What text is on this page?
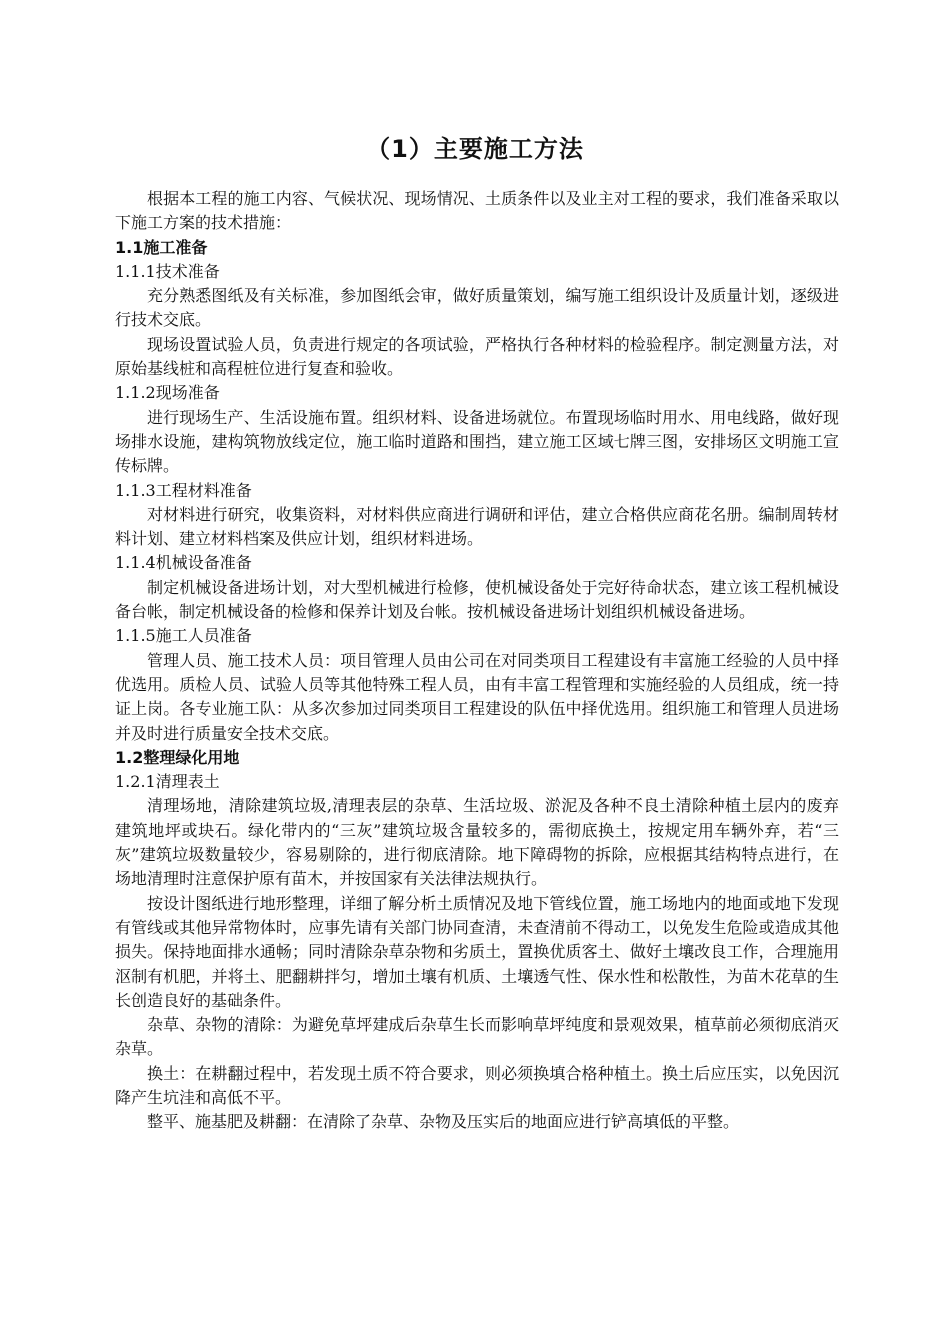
（1）主要施工方法

根据本工程的施工内容、气候状况、现场情况、土质条件以及业主对工程的要求，我们准备采取以下施工方案的技术措施：

1.1施工准备
1.1.1技术准备

充分熟悉图纸及有关标准，参加图纸会审，做好质量策划，编写施工组织设计及质量计划，逐级进行技术交底。

现场设置试验人员，负责进行规定的各项试验，严格执行各种材料的检验程序。制定测量方法，对原始基线桩和高程桩位进行复查和验收。

1.1.2现场准备

进行现场生产、生活设施布置。组织材料、设备进场就位。布置现场临时用水、用电线路，做好现场排水设施，建构筑物放线定位，施工临时道路和围挡，建立施工区域七牌三图，安排场区文明施工宣传标牌。

1.1.3工程材料准备

对材料进行研究，收集资料，对材料供应商进行调研和评估，建立合格供应商花名册。编制周转材料计划、建立材料档案及供应计划，组织材料进场。

1.1.4机械设备准备

制定机械设备进场计划，对大型机械进行检修，使机械设备处于完好待命状态，建立该工程机械设备台帐，制定机械设备的检修和保养计划及台帐。按机械设备进场计划组织机械设备进场。

1.1.5施工人员准备

管理人员、施工技术人员：项目管理人员由公司在对同类项目工程建设有丰富施工经验的人员中择优选用。质检人员、试验人员等其他特殊工程人员，由有丰富工程管理和实施经验的人员组成，统一持证上岗。各专业施工队：从多次参加过同类项目工程建设的队伍中择优选用。组织施工和管理人员进场并及时进行质量安全技术交底。

1.2整理绿化用地
1.2.1清理表土

清理场地，清除建筑垃圾,清理表层的杂草、生活垃圾、淤泥及各种不良土清除种植土层内的废弃建筑地坪或块石。绿化带内的“三灰”建筑垃圾含量较多的，需彻底换土，按规定用车辆外弃，若“三灰”建筑垃圾数量较少，容易剔除的，进行彻底清除。地下障碍物的拆除，应根据其结构特点进行，在场地清理时注意保护原有苗木，并按国家有关法律法规执行。

按设计图纸进行地形整理，详细了解分析土质情况及地下管线位置，施工场地内的地面或地下发现有管线或其他异常物体时，应事先请有关部门协同查清，未查清前不得动工，以免发生危险或造成其他损失。保持地面排水通畅；同时清除杂草杂物和劣质土，置换优质客土、做好土壤改良工作，合理施用沤制有机肥，并将土、肥翻耕拌匀，增加土壤有机质、土壤透气性、保水性和松散性，为苗木花草的生长创造良好的基础条件。

杂草、杂物的清除：为避免草坪建成后杂草生长而影响草坪纯度和景观效果，植草前必须彻底消灭杂草。

换土：在耕翻过程中，若发现土质不符合要求，则必须换填合格种植土。换土后应压实，以免因沉降产生坑洼和高低不平。

整平、施基肥及耕翻：在清除了杂草、杂物及压实后的地面应进行铲高填低的平整。
